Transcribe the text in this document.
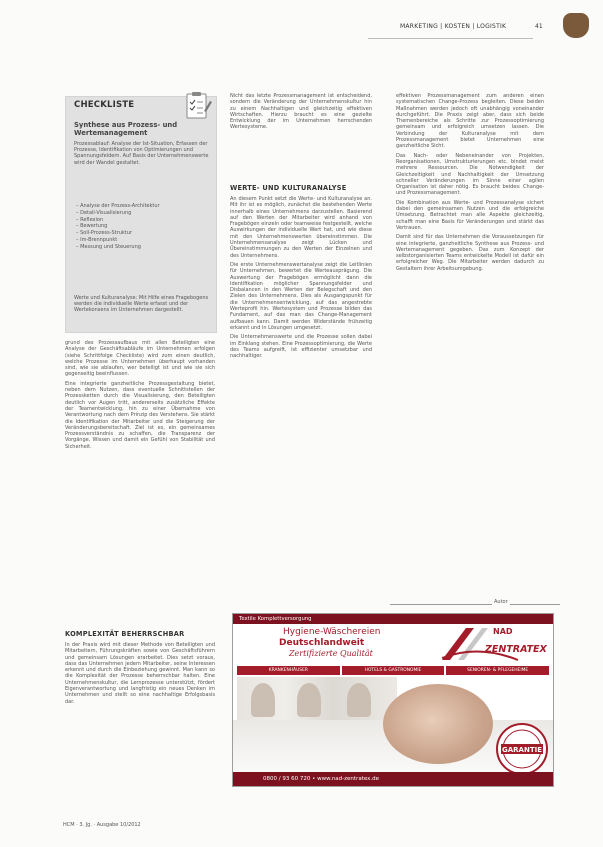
MARKETING | KOSTEN | LOGISTIK	41
CHECKLISTE
Synthese aus Prozess- und Wertemanagement
Prozessablauf: Analyse der Ist-Situation, Erfassen der Prozesse, Identifikation von Optimierungen und Spannungsfeldern. Auf Basis der Unternehmenswerte wird der Wandel gestaltet.
– Analyse der Prozess-Architektur
– Detail-Visualisierung
– Reflexion
– Bewertung
– Soll-Prozess-Struktur
– Im-Brennpunkt
– Messung und Steuerung
Werte und Kulturanalyse: Mit Hilfe eines Fragebogens werden die individuelle Werte erfasst und der Wertekonsens im Unternehmen dargestellt.

grund des Prozessaufbaus mit allen Beteiligten eine Analyse der Geschäftsabläufe im Unternehmen erfolgen (siehe Schrittfolge Checkliste) wird zum einen deutlich, welche Prozesse im Unternehmen überhaupt vorhanden sind, wie sie ablaufen, wer beteiligt ist und wie sie sich gegenseitig beeinflussen.

Eine integrierte ganzheitliche Prozessgestaltung bietet, neben dem Nutzen, dass eventuelle Schnittstellen der Prozessketten durch die Visualisierung, den Beteiligten deutlich vor Augen tritt, andererseits zusätzliche Effekte der Teamentwicklung, hin zu einer Übernahme von Verantwortung nach dem Prinzip des Verstehens. Sie stärkt die Identifikation der Mitarbeiter und die Steigerung der Veränderungsbereitschaft. Ziel ist es, ein gemeinsames Prozessverständnis zu schaffen, die Transparenz der Vorgänge, Wissen und damit ein Gefühl von Stabilität und Sicherheit.

KOMPLEXITÄT BEHERRSCHBAR

In der Praxis wird mit dieser Methode von Beteiligten und Mitarbeitern, Führungskräften sowie von Geschäftsführern und gemeinsam Lösungen erarbeitet. Dies setzt voraus, dass das Unternehmen jedem Mitarbeiter, seine Interessen erkennt und durch die Einbeziehung gewinnt. Man kann so die Komplexität der Prozesse beherrschbar halten. Eine Unternehmenskultur, die Lernprozesse unterstützt, fördert Eigenverantwortung und langfristig ein neues Denken im Unternehmen und stellt so eine nachhaltige Erfolgsbasis dar.

Nicht das letzte Prozessmanagement ist entscheidend, sondern die Veränderung der Unternehmenskultur hin zu einem Nachhaltigen und gleichzeitig effektiven Wirtschaften. Hierzu braucht es eine gezielte Entwicklung der im Unternehmen herrschenden Wertesysteme.

WERTE- UND KULTURANALYSE

An diesem Punkt setzt die Werte- und Kulturanalyse an. Mit ihr ist es möglich, zunächst die bestehenden Werte innerhalb eines Unternehmens darzustellen. Basierend auf den Werten der Mitarbeiter wird anhand von Fragebögen einzeln oder teamweise festgestellt, welche Auswirkungen der individuelle Wert hat, und wie diese mit den Unternehmenswerten übereinstimmen. Die Unternehmensanalyse zeigt Lücken und Übereinstimmungen zu den Werten der Einzelnen und des Unternehmens.

Die erste Unternehmenswertanalyse zeigt die Leitlinien für Unternehmen, bewertet die Werteausprägung. Die Auswertung der Fragebögen ermöglicht dann die Identifikation möglicher Spannungsfelder und Disbalancen in den Werten der Belegschaft und den Zielen des Unternehmens. Dies als Ausgangspunkt für die Unternehmensentwicklung, auf das angestrebte Werteprofil hin. Wertesystem und Prozesse bilden das Fundament, auf das man das Change-Management aufbauen kann. Damit werden Widerstände frühzeitig erkannt und in Lösungen umgesetzt.

Die Unternehmenswerte und die Prozesse sollen dabei im Einklang stehen. Eine Prozessoptimierung, die Werte des Teams aufgreift, ist effizienter umsetzbar und nachhaltiger.

effektiven Prozessmanagement zum anderen einen systematischen Change-Prozess begleiten. Diese beiden Maßnahmen werden jedoch oft unabhängig voneinander durchgeführt. Die Praxis zeigt aber, dass sich beide Themenbereiche als Schritte zur Prozessoptimierung gemeinsam und erfolgreich umsetzen lassen. Die Verbindung der Kulturanalyse mit dem Prozessmanagement bietet Unternehmen eine ganzheitliche Sicht.

Das Nach- oder Nebeneinander von Projekten, Reorganisationen, Umstrukturierungen etc. bindet meist mehrere Ressourcen. Die Notwendigkeit der Gleichzeitigkeit und Nachhaltigkeit der Umsetzung schneller Veränderungen im Sinne einer agilen Organisation ist daher nötig. Es braucht beides: Change- und Prozessmanagement.

Die Kombination aus Werte- und Prozessanalyse sichert dabei den gemeinsamen Nutzen und die erfolgreiche Umsetzung. Betrachtet man alle Aspekte gleichzeitig, schafft man eine Basis für Veränderungen und stärkt das Vertrauen.

Damit sind für das Unternehmen die Voraussetzungen für eine integrierte, ganzheitliche Synthese aus Prozess- und Wertemanagement gegeben. Das zum Konzept der selbstorganisierten Teams entwickelte Modell ist dafür ein erfolgreicher Weg. Die Mitarbeiter werden dadurch zu Gestaltern ihrer Arbeitsumgebung.

Autor
Textile Komplettversorgung
Hygiene-Wäschereien
Deutschlandweit
Zertifizierte Qualität
NAD
ZENTRATEX
KRANKENHÄUSER	HOTELS & GASTRONOMIE	SENIOREN- & PFLEGEHEIME
GARANTIE
0800 / 93 60 720 • www.nad-zentratex.de
HCM · 3. Jg. · Ausgabe 10/2012
